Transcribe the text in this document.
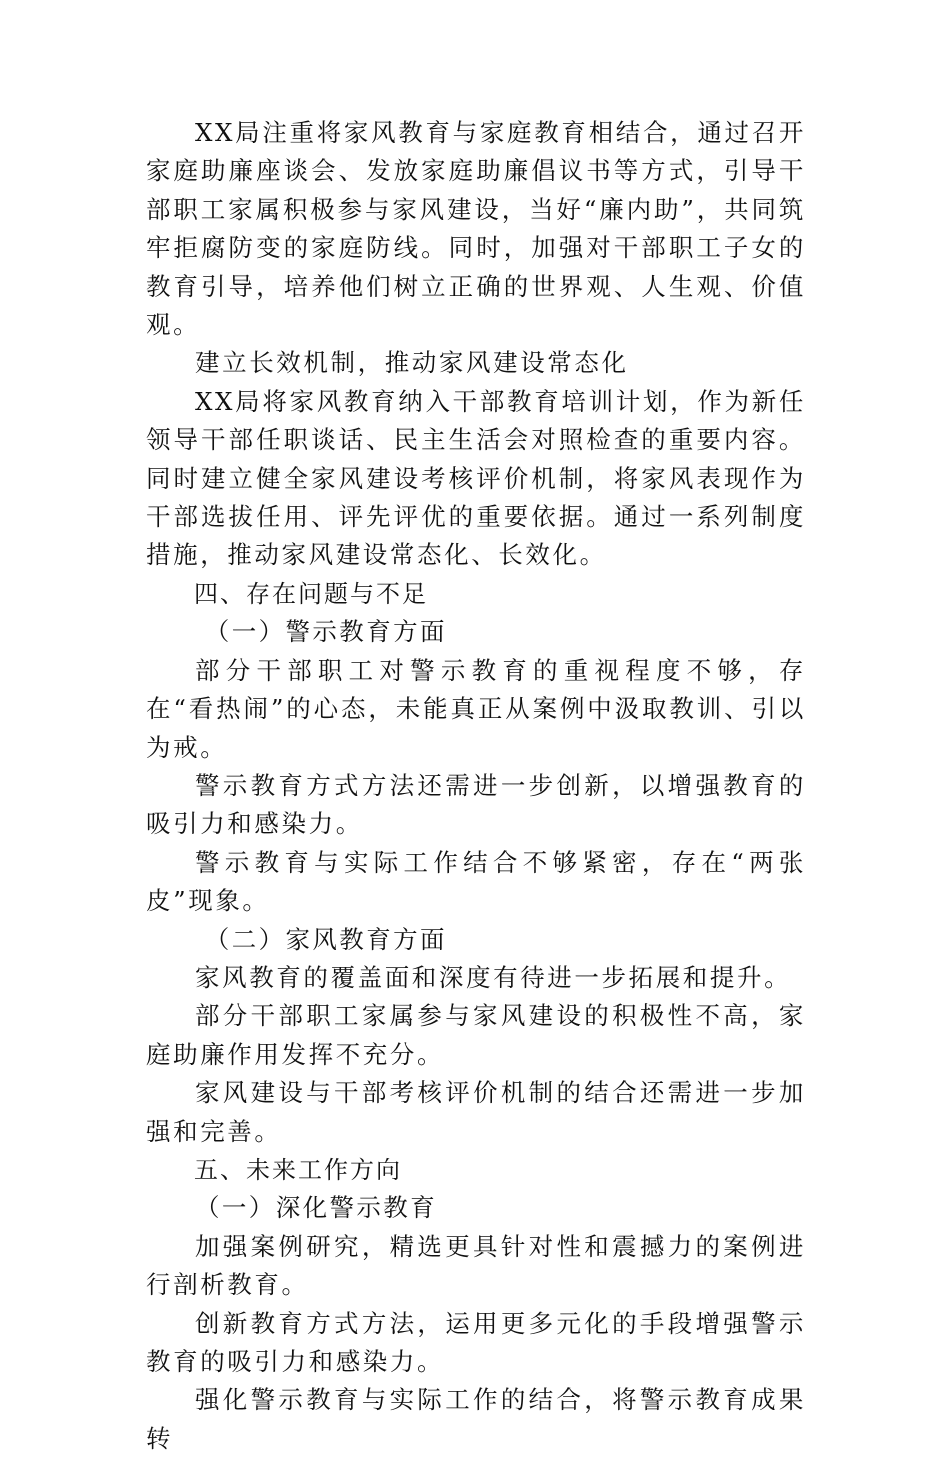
XX局注重将家风教育与家庭教育相结合，通过召开家庭助廉座谈会、发放家庭助廉倡议书等方式，引导干部职工家属积极参与家风建设，当好“廉内助”，共同筑牢拒腐防变的家庭防线。同时，加强对干部职工子女的教育引导，培养他们树立正确的世界观、人生观、价值观。

建立长效机制，推动家风建设常态化

XX局将家风教育纳入干部教育培训计划，作为新任领导干部任职谈话、民主生活会对照检查的重要内容。同时建立健全家风建设考核评价机制，将家风表现作为干部选拔任用、评先评优的重要依据。通过一系列制度措施，推动家风建设常态化、长效化。

四、存在问题与不足

（一）警示教育方面

部分干部职工对警示教育的重视程度不够，存在“看热闹”的心态，未能真正从案例中汲取教训、引以为戒。

警示教育方式方法还需进一步创新，以增强教育的吸引力和感染力。

警示教育与实际工作结合不够紧密，存在“两张皮”现象。

（二）家风教育方面

家风教育的覆盖面和深度有待进一步拓展和提升。

部分干部职工家属参与家风建设的积极性不高，家庭助廉作用发挥不充分。

家风建设与干部考核评价机制的结合还需进一步加强和完善。

五、未来工作方向

（一）深化警示教育

加强案例研究，精选更具针对性和震撼力的案例进行剖析教育。

创新教育方式方法，运用更多元化的手段增强警示教育的吸引力和感染力。

强化警示教育与实际工作的结合，将警示教育成果转
